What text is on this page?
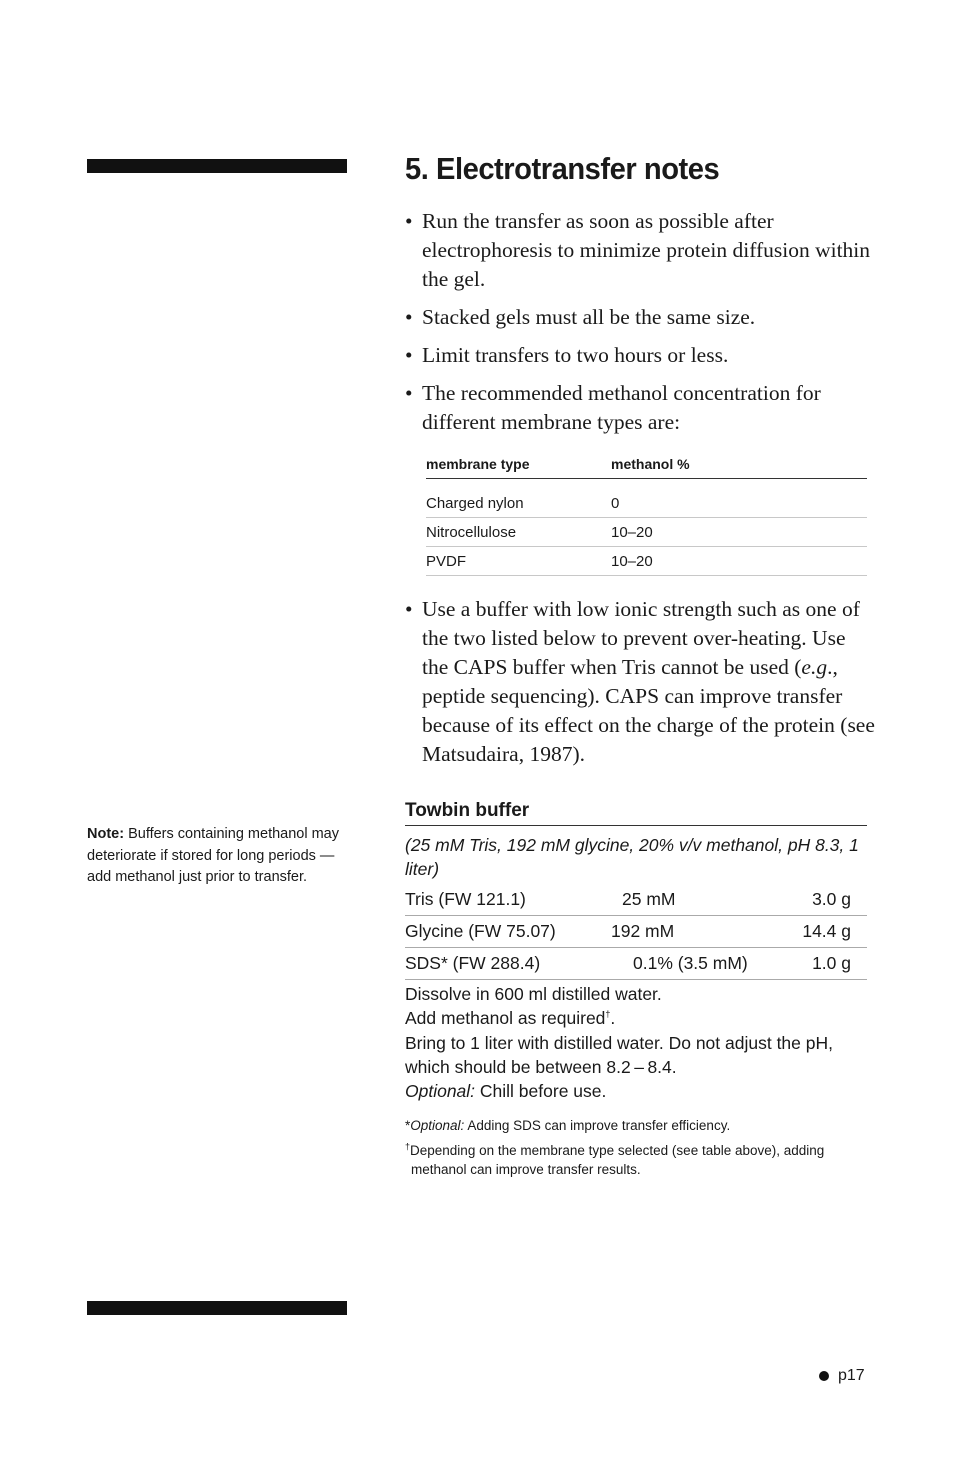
5. Electrotransfer notes
• Run the transfer as soon as possible after electrophoresis to minimize protein diffusion within the gel.
• Stacked gels must all be the same size.
• Limit transfers to two hours or less.
• The recommended methanol concentration for different membrane types are:
membrane type	methanol %
Charged nylon	0
Nitrocellulose	10–20
PVDF	10–20
• Use a buffer with low ionic strength such as one of the two listed below to prevent over-heating. Use the CAPS buffer when Tris cannot be used (e.g., peptide sequencing). CAPS can improve transfer because of its effect on the charge of the protein (see Matsudaira, 1987).
Note: Buffers containing methanol may deteriorate if stored for long periods — add methanol just prior to transfer.
Towbin buffer

(25 mM Tris, 192 mM glycine, 20% v/v methanol, pH 8.3, 1 liter)

Tris (FW 121.1)	25 mM	3.0 g
Glycine (FW 75.07)	192 mM	14.4 g
SDS* (FW 288.4)	0.1% (3.5 mM)	1.0 g

Dissolve in 600 ml distilled water.

Add methanol as required†.

Bring to 1 liter with distilled water. Do not adjust the pH, which should be between 8.2 – 8.4.

Optional: Chill before use.

*Optional: Adding SDS can improve transfer efficiency.

†Depending on the membrane type selected (see table above), adding
methanol can improve transfer results.

p17
